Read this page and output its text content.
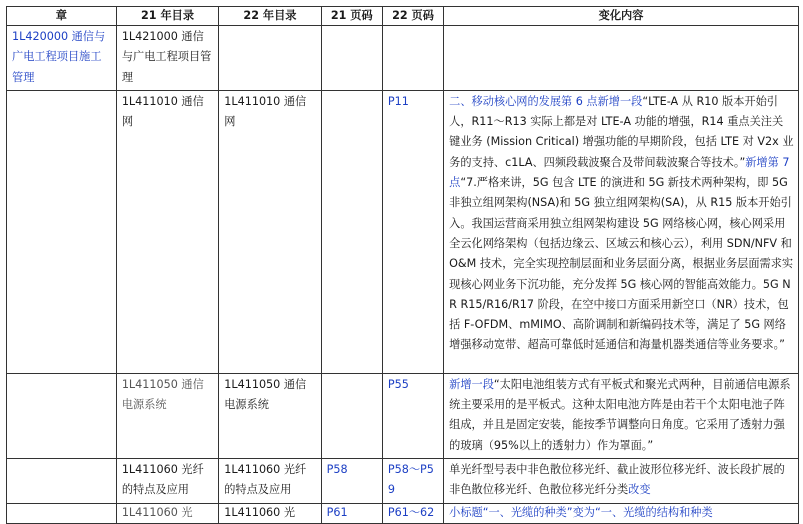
章	21 年目录	22 年目录	21 页码	22 页码	变化内容
1L420000 通信与广电工程项目施工管理	1L421000 通信与广电工程项目管理				
	1L411010 通信网	1L411010 通信网		P11	二、移动核心网的发展第 6 点新增一段“LTE-A 从 R10 版本开始引人，R11～R13 实际上都是对 LTE-A 功能的增强，R14 重点关注关键业务 (Mission Critical) 增强功能的早期阶段，包括 LTE 对 V2x 业务的支持、c1LA、四频段载波聚合及带间载波聚合等技术。”新增第 7 点“7.严格来讲，5G 包含 LTE 的演进和 5G 新技术两种架构，即 5G 非独立组网架构(NSA)和 5G 独立组网架构(SA)，从 R15 版本开始引入。我国运营商采用独立组网架构建设 5G 网络核心网，核心网采用全云化网络架构（包括边缘云、区域云和核心云），利用 SDN/NFV 和 O&M 技术，完全实现控制层面和业务层面分离，根据业务层面需求实现核心网业务下沉功能，充分发挥 5G 核心网的智能高效能力。5G NR R15/R16/R17 阶段，在空中接口方面采用新空口（NR）技术，包括 F-OFDM、mMIMO、高阶调制和新编码技术等，满足了 5G 网络增强移动宽带、超高可靠低时延通信和海量机器类通信等业务要求。”
	1L411050 通信电源系统	1L411050 通信电源系统		P55	新增一段“太阳电池组装方式有平板式和聚光式两种，目前通信电源系统主要采用的是平板式。这种太阳电池方阵是由若干个太阳电池子阵组成，并且是固定安装，能按季节调整向日角度。它采用了透射力强的玻璃（95%以上的透射力）作为罩面。”
	1L411060 光纤的特点及应用	1L411060 光纤的特点及应用	P58	P58～P59	单光纤型号表中非色散位移光纤、截止波形位移光纤、波长段扩展的非色散位移光纤、色散位移光纤分类改变
	1L411060 光	1L411060 光	P61	P61～62	小标题“一、光缆的种类”变为“一、光缆的结构和种类
